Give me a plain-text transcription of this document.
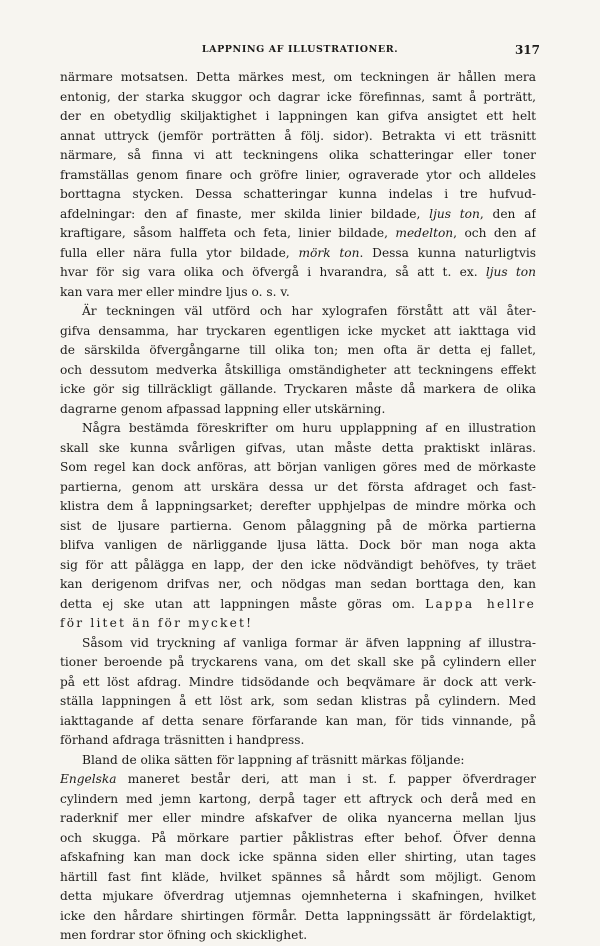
LAPPNING AF ILLUSTRATIONER.	317
närmare motsatsen. Detta märkes mest, om teckningen är hållen mera
entonig, der starka skuggor och dagrar icke förefinnas, samt å porträtt,
der en obetydlig skiljaktighet i lappningen kan gifva ansigtet ett helt
annat uttryck (jemför porträtten å följ. sidor). Betrakta vi ett träsnitt
närmare, så finna vi att teckningens olika schatteringar eller toner
framställas genom finare och gröfre linier, ograverade ytor och alldeles
borttagna stycken. Dessa schatteringar kunna indelas i tre hufvud-
afdelningar: den af finaste, mer skilda linier bildade, ljus ton, den af
kraftigare, såsom halffeta och feta, linier bildade, medelton, och den af
fulla eller nära fulla ytor bildade, mörk ton. Dessa kunna naturligtvis
hvar för sig vara olika och öfvergå i hvarandra, så att t. ex. ljus ton
kan vara mer eller mindre ljus o. s. v.
Är teckningen väl utförd och har xylografen förstått att väl åter-
gifva densamma, har tryckaren egentligen icke mycket att iakttaga vid
de särskilda öfvergångarne till olika ton; men ofta är detta ej fallet,
och dessutom medverka åtskilliga omständigheter att teckningens effekt
icke gör sig tillräckligt gällande. Tryckaren måste då markera de olika
dagrarne genom afpassad lappning eller utskärning.
Några bestämda föreskrifter om huru upplappning af en illustration
skall ske kunna svårligen gifvas, utan måste detta praktiskt inläras.
Som regel kan dock anföras, att början vanligen göres med de mörkaste
partierna, genom att urskära dessa ur det första afdraget och fast-
klistra dem å lappningsarket; derefter upphjelpas de mindre mörka och
sist de ljusare partierna. Genom pålaggning på de mörka partierna
blifva vanligen de närliggande ljusa lätta. Dock bör man noga akta
sig för att pålägga en lapp, der den icke nödvändigt behöfves, ty träet
kan derigenom drifvas ner, och nödgas man sedan borttaga den, kan
detta ej ske utan att lappningen måste göras om. Lappa hellre
för litet än för mycket!
Såsom vid tryckning af vanliga formar är äfven lappning af illustra-
tioner beroende på tryckarens vana, om det skall ske på cylindern eller
på ett löst afdrag. Mindre tidsödande och beqvämare är dock att verk-
ställa lappningen å ett löst ark, som sedan klistras på cylindern. Med
iakttagande af detta senare förfarande kan man, för tids vinnande, på
förhand afdraga träsnitten i handpress.
Bland de olika sätten för lappning af träsnitt märkas följande:
Engelska maneret består deri, att man i st. f. papper öfverdrager
cylindern med jemn kartong, derpå tager ett aftryck och derå med en
raderknif mer eller mindre afskafver de olika nyancerna mellan ljus
och skugga. På mörkare partier påklistras efter behof. Öfver denna
afskafning kan man dock icke spänna siden eller shirting, utan tages
härtill fast fint kläde, hvilket spännes så hårdt som möjligt. Genom
detta mjukare öfverdrag utjemnas ojemnheterna i skafningen, hvilket
icke den hårdare shirtingen förmår. Detta lappningssätt är fördelaktigt,
men fordrar stor öfning och skicklighet.
